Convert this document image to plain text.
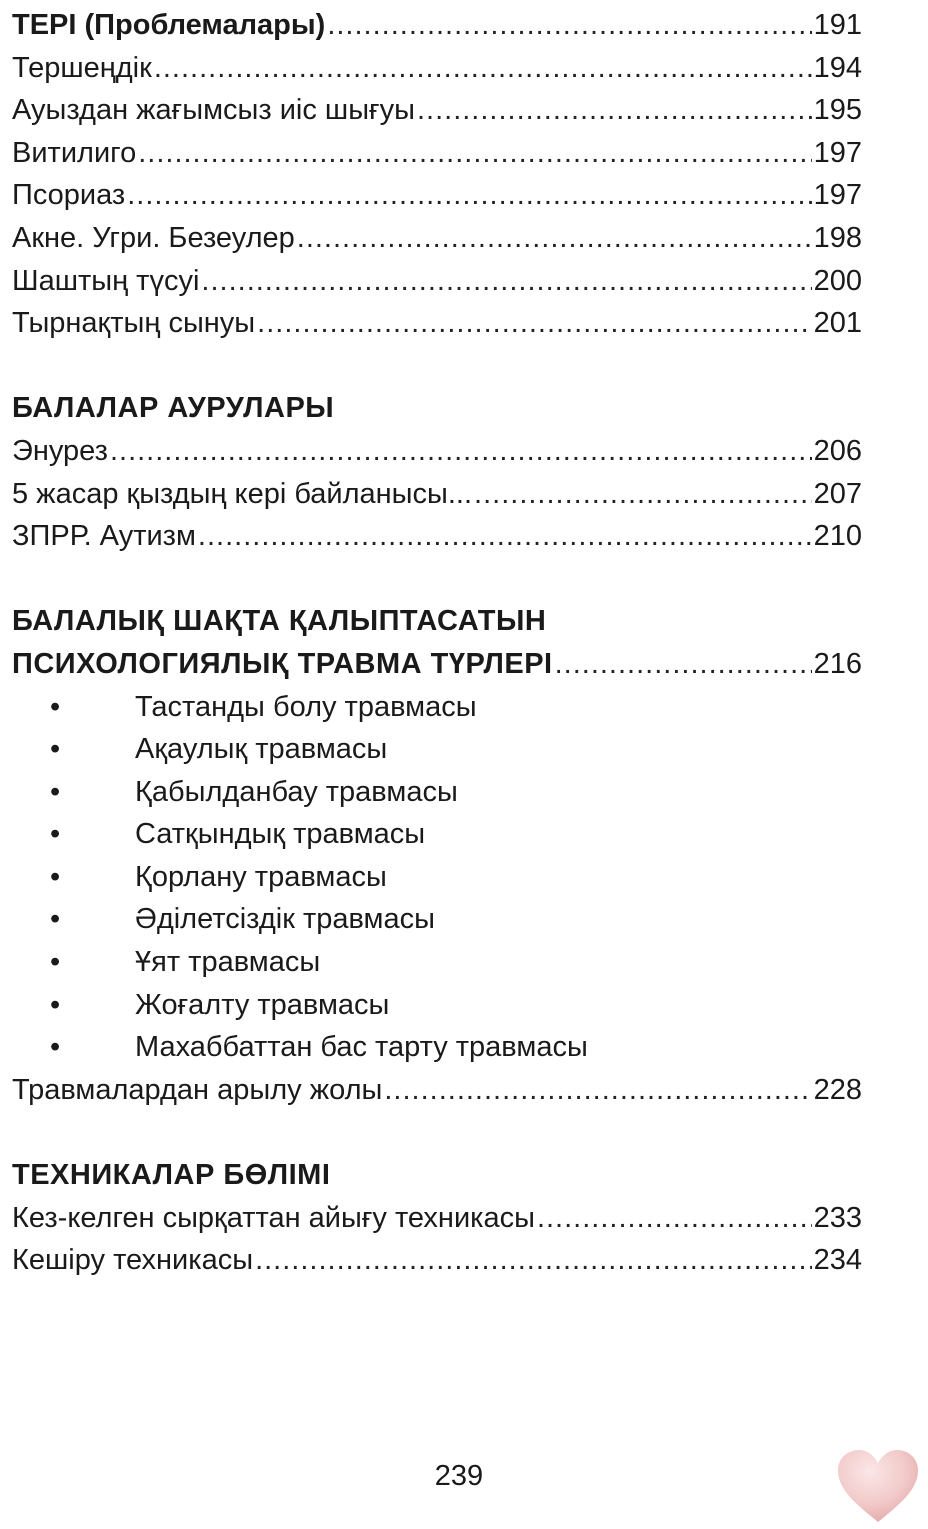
ТЕРІ (Проблемалары) .....	191
Тершеңдік .....	194
Ауыздан жағымсыз иіс шығуы .....	195
Витилиго .....	197
Псориаз .....	197
Акне. Угри. Безеулер .....	198
Шаштың түсуі .....	200
Тырнақтың сынуы .....	201
БАЛАЛАР АУРУЛАРЫ
Энурез .....	206
5 жасар қыздың кері байланысы... .....	207
ЗПРР. Аутизм .....	210
БАЛАЛЫҚ ШАҚТА ҚАЛЫПТАСАТЫН
ПСИХОЛОГИЯЛЫҚ ТРАВМА ТҮРЛЕРІ .....	216
•	Тастанды болу травмасы
•	Ақаулық травмасы
•	Қабылданбау травмасы
•	Сатқындық травмасы
•	Қорлану травмасы
•	Әділетсіздік травмасы
•	Ұят травмасы
•	Жоғалту травмасы
•	Махаббаттан бас тарту травмасы
Травмалардан арылу жолы .....	228
ТЕХНИКАЛАР БӨЛІМІ
Кез-келген сырқаттан айығу техникасы .....	233
Кешіру техникасы .....	234
239
